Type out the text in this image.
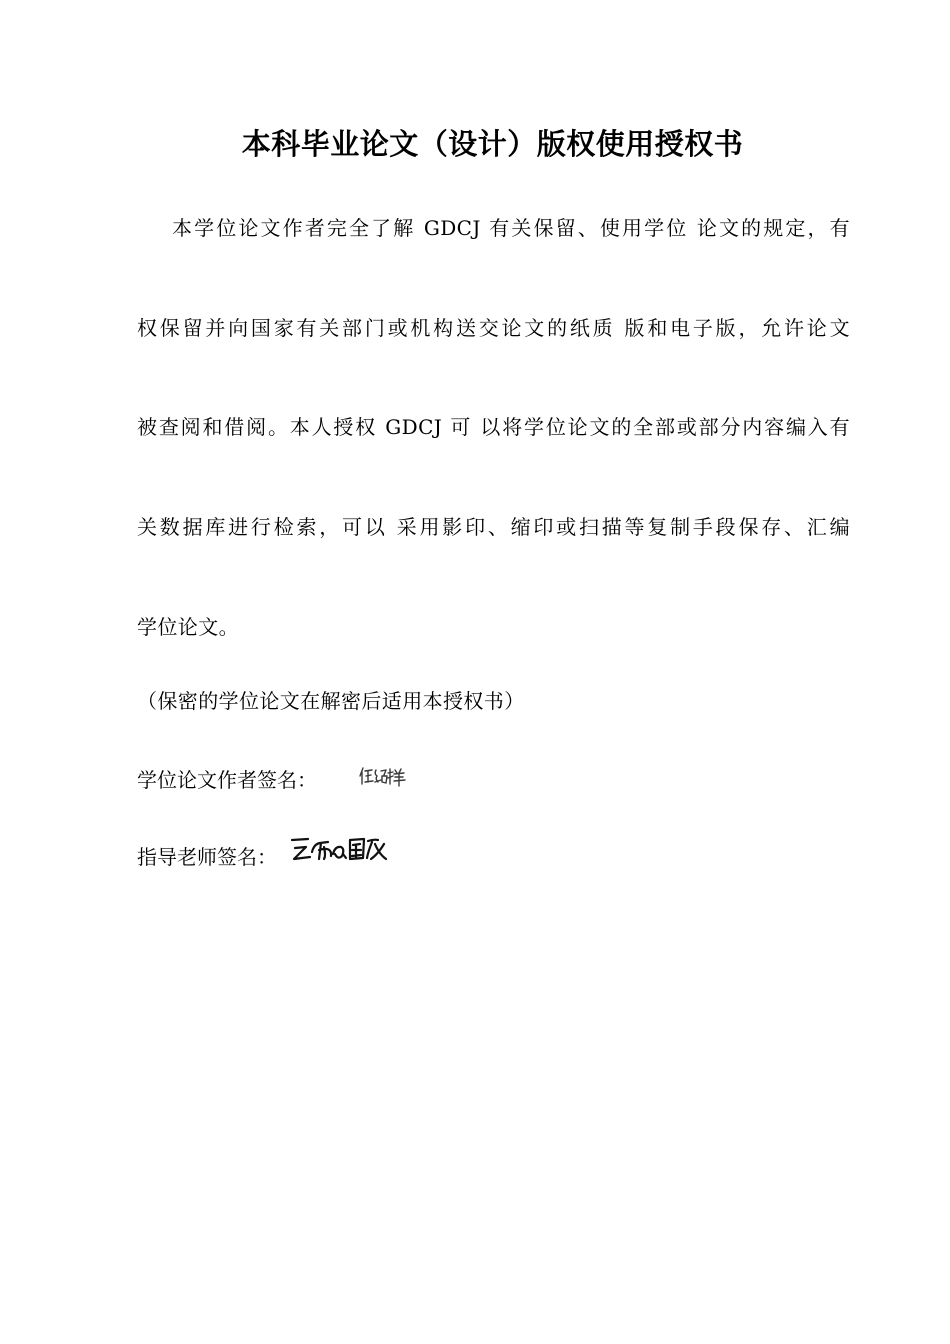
本科毕业论文（设计）版权使用授权书
本学位论文作者完全了解 GDCJ 有关保留、使用学位 论文的规定，有
权保留并向国家有关部门或机构送交论文的纸质 版和电子版，允许论文
被查阅和借阅。本人授权 GDCJ 可 以将学位论文的全部或部分内容编入有
关数据库进行检索，可以 采用影印、缩印或扫描等复制手段保存、汇编
学位论文。
（保密的学位论文在解密后适用本授权书）
学位论文作者签名：
指导老师签名：
